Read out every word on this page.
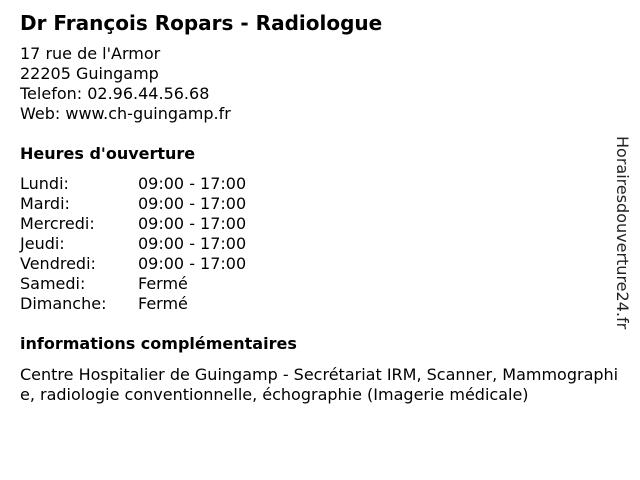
Dr François Ropars - Radiologue
17 rue de l'Armor
22205 Guingamp
Telefon: 02.96.44.56.68
Web: www.ch-guingamp.fr
Heures d'ouverture
Lundi:	09:00 - 17:00
Mardi:	09:00 - 17:00
Mercredi:	09:00 - 17:00
Jeudi:	09:00 - 17:00
Vendredi:	09:00 - 17:00
Samedi:	Fermé
Dimanche:	Fermé
informations complémentaires
Centre Hospitalier de Guingamp - Secrétariat IRM, Scanner, Mammographie, radiologie conventionnelle, échographie (Imagerie médicale)
Horairesdouverture24.fr
